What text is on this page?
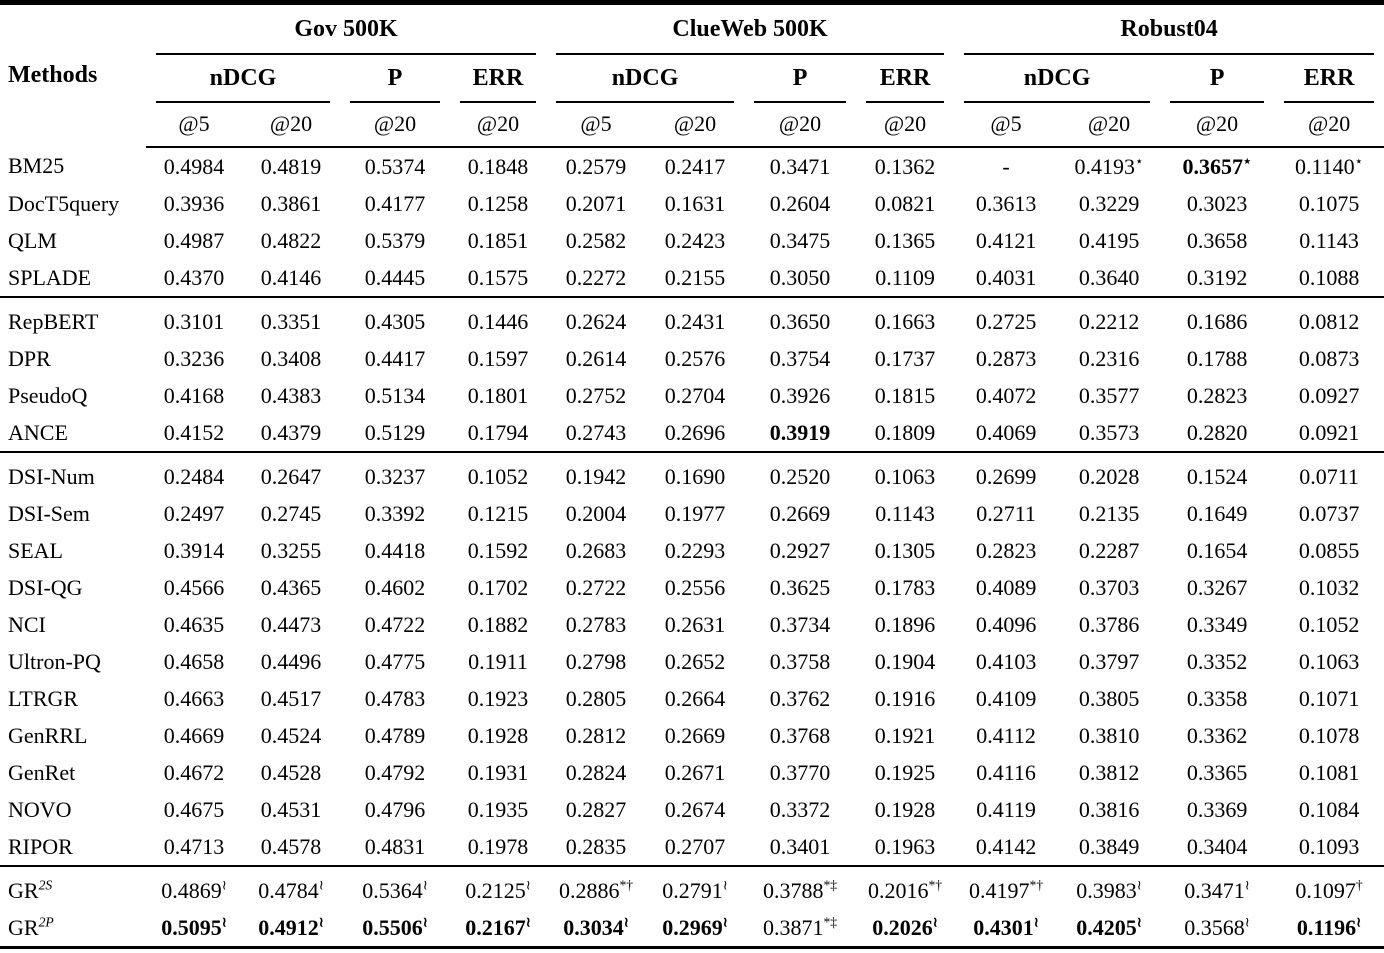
Methods	Gov 500K				ClueWeb 500K				Robust04			
	nDCG		P	ERR	nDCG		P	ERR	nDCG		P	ERR
	@5	@20	@20	@20	@5	@20	@20	@20	@5	@20	@20	@20
BM25	0.4984	0.4819	0.5374	0.1848	0.2579	0.2417	0.3471	0.1362	-	0.4193⋆	0.3657⋆	0.1140⋆
DocT5query	0.3936	0.3861	0.4177	0.1258	0.2071	0.1631	0.2604	0.0821	0.3613	0.3229	0.3023	0.1075
QLM	0.4987	0.4822	0.5379	0.1851	0.2582	0.2423	0.3475	0.1365	0.4121	0.4195	0.3658	0.1143
SPLADE	0.4370	0.4146	0.4445	0.1575	0.2272	0.2155	0.3050	0.1109	0.4031	0.3640	0.3192	0.1088
RepBERT	0.3101	0.3351	0.4305	0.1446	0.2624	0.2431	0.3650	0.1663	0.2725	0.2212	0.1686	0.0812
DPR	0.3236	0.3408	0.4417	0.1597	0.2614	0.2576	0.3754	0.1737	0.2873	0.2316	0.1788	0.0873
PseudoQ	0.4168	0.4383	0.5134	0.1801	0.2752	0.2704	0.3926	0.1815	0.4072	0.3577	0.2823	0.0927
ANCE	0.4152	0.4379	0.5129	0.1794	0.2743	0.2696	0.3919	0.1809	0.4069	0.3573	0.2820	0.0921
DSI-Num	0.2484	0.2647	0.3237	0.1052	0.1942	0.1690	0.2520	0.1063	0.2699	0.2028	0.1524	0.0711
DSI-Sem	0.2497	0.2745	0.3392	0.1215	0.2004	0.1977	0.2669	0.1143	0.2711	0.2135	0.1649	0.0737
SEAL	0.3914	0.3255	0.4418	0.1592	0.2683	0.2293	0.2927	0.1305	0.2823	0.2287	0.1654	0.0855
DSI-QG	0.4566	0.4365	0.4602	0.1702	0.2722	0.2556	0.3625	0.1783	0.4089	0.3703	0.3267	0.1032
NCI	0.4635	0.4473	0.4722	0.1882	0.2783	0.2631	0.3734	0.1896	0.4096	0.3786	0.3349	0.1052
Ultron-PQ	0.4658	0.4496	0.4775	0.1911	0.2798	0.2652	0.3758	0.1904	0.4103	0.3797	0.3352	0.1063
LTRGR	0.4663	0.4517	0.4783	0.1923	0.2805	0.2664	0.3762	0.1916	0.4109	0.3805	0.3358	0.1071
GenRRL	0.4669	0.4524	0.4789	0.1928	0.2812	0.2669	0.3768	0.1921	0.4112	0.3810	0.3362	0.1078
GenRet	0.4672	0.4528	0.4792	0.1931	0.2824	0.2671	0.3770	0.1925	0.4116	0.3812	0.3365	0.1081
NOVO	0.4675	0.4531	0.4796	0.1935	0.2827	0.2674	0.3372	0.1928	0.4119	0.3816	0.3369	0.1084
RIPOR	0.4713	0.4578	0.4831	0.1978	0.2835	0.2707	0.3401	0.1963	0.4142	0.3849	0.3404	0.1093
$GR^{2S}$	0.4869≀	0.4784≀	0.5364≀	0.2125≀	0.2886*†	0.2791≀	0.3788*‡	0.2016*†	0.4197*†	0.3983≀	0.3471≀	0.1097†
$GR^{2P}$	0.5095≀	0.4912≀	0.5506≀	0.2167≀	0.3034≀	0.2969≀	0.3871*‡	0.2026≀	0.4301≀	0.4205≀	0.3568≀	0.1196≀
